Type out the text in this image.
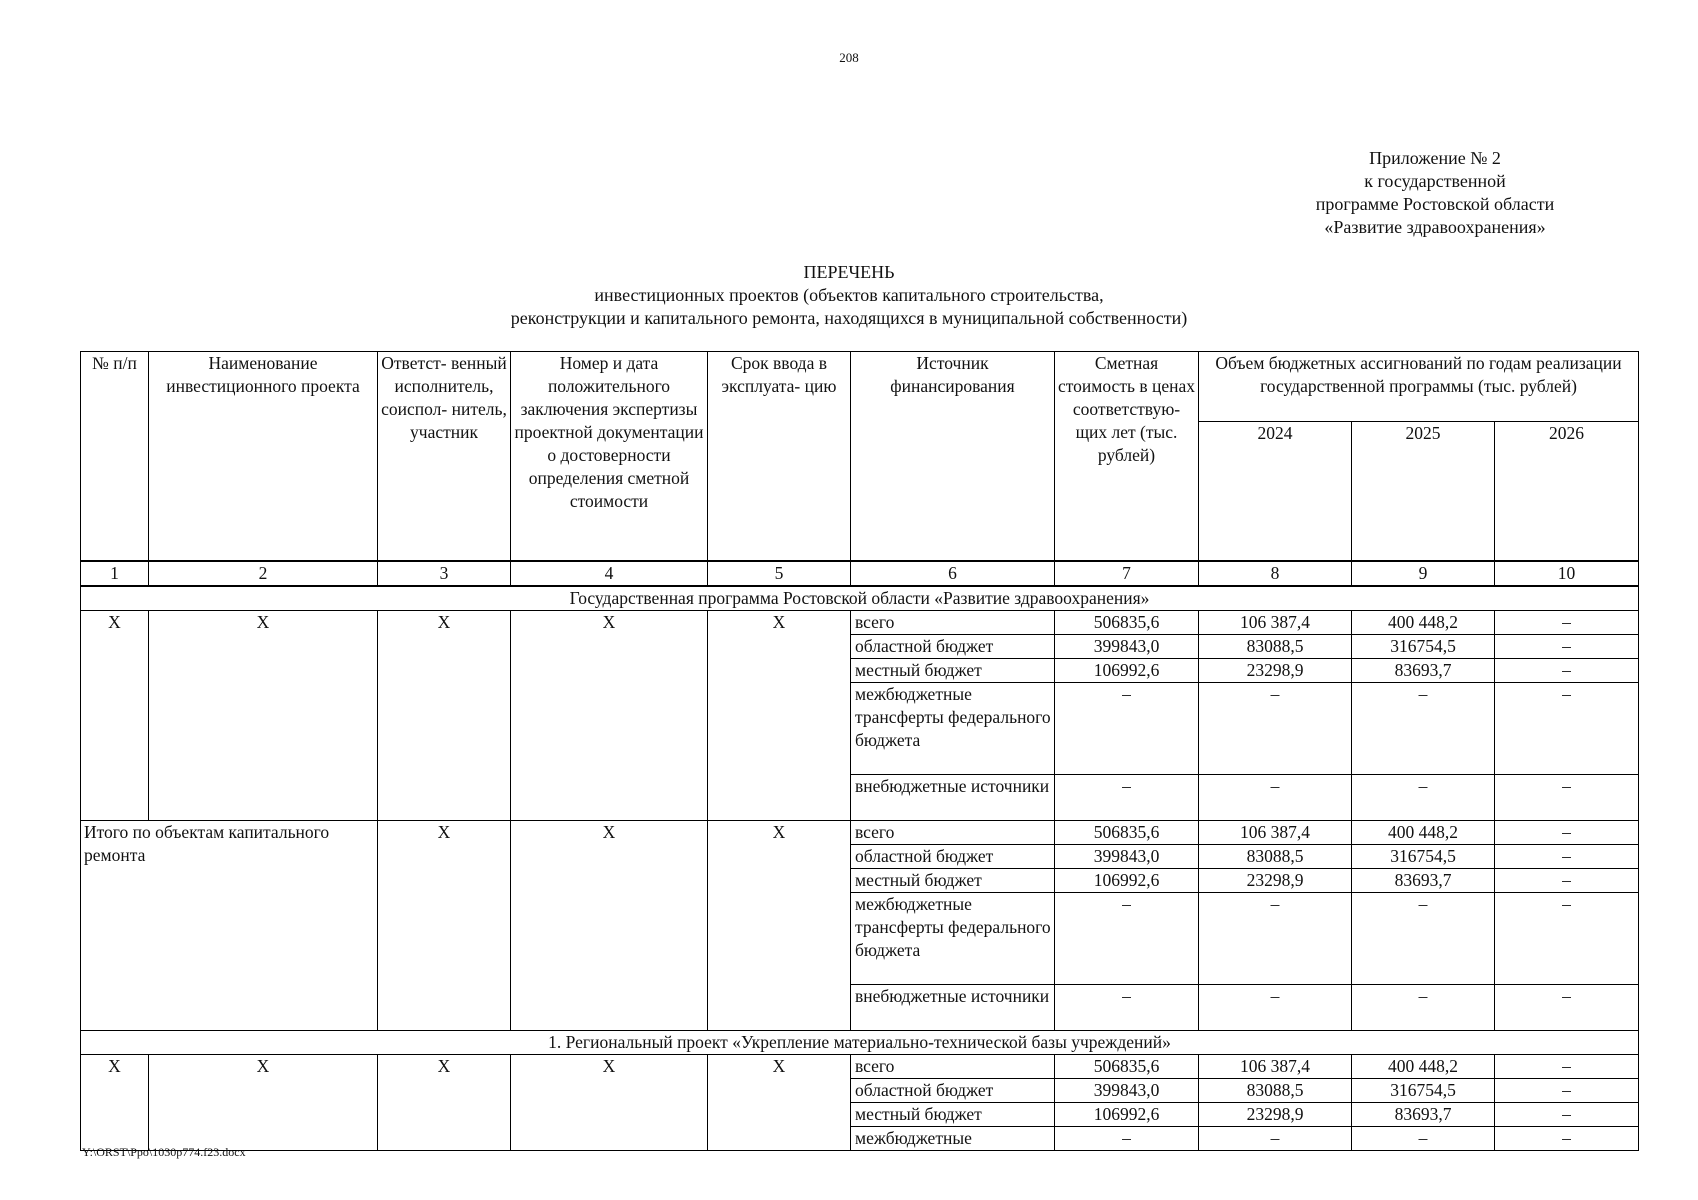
208
Приложение № 2
к государственной
программе Ростовской области
«Развитие здравоохранения»
ПЕРЕЧЕНЬ
инвестиционных проектов (объектов капитального строительства,
реконструкции и капитального ремонта, находящихся в муниципальной собственности)
№ п/п	Наименование инвестиционного проекта	Ответст- венный исполнитель, соиспол- нитель, участник	Номер и дата положительного заключения экспертизы проектной документации о достоверности определения сметной стоимости	Срок ввода в эксплуата- цию	Источник финансирования	Сметная стоимость в ценах соответствую- щих лет (тыс. рублей)	Объем бюджетных ассигнований по годам реализации государственной программы (тыс. рублей)		
							2024	2025	2026
1	2	3	4	5	6	7	8	9	10
Государственная программа Ростовской области «Развитие здравоохранения»									
Х	Х	Х	Х	Х	всего	506835,6	106 387,4	400 448,2	–
					областной бюджет	399843,0	83088,5	316754,5	–
					местный бюджет	106992,6	23298,9	83693,7	–
					межбюджетные трансферты федерального бюджета	–	–	–	–
					внебюджетные источники	–	–	–	–
Итого по объектам капитального ремонта		Х	Х	Х	всего	506835,6	106 387,4	400 448,2	–
					областной бюджет	399843,0	83088,5	316754,5	–
					местный бюджет	106992,6	23298,9	83693,7	–
					межбюджетные трансферты федерального бюджета	–	–	–	–
					внебюджетные источники	–	–	–	–
1. Региональный проект «Укрепление материально-технической базы учреждений»									
Х	Х	Х	Х	Х	всего	506835,6	106 387,4	400 448,2	–
					областной бюджет	399843,0	83088,5	316754,5	–
					местный бюджет	106992,6	23298,9	83693,7	–
					межбюджетные	–	–	–	–
Y:\ORST\Ppo\1030p774.f23.docx
